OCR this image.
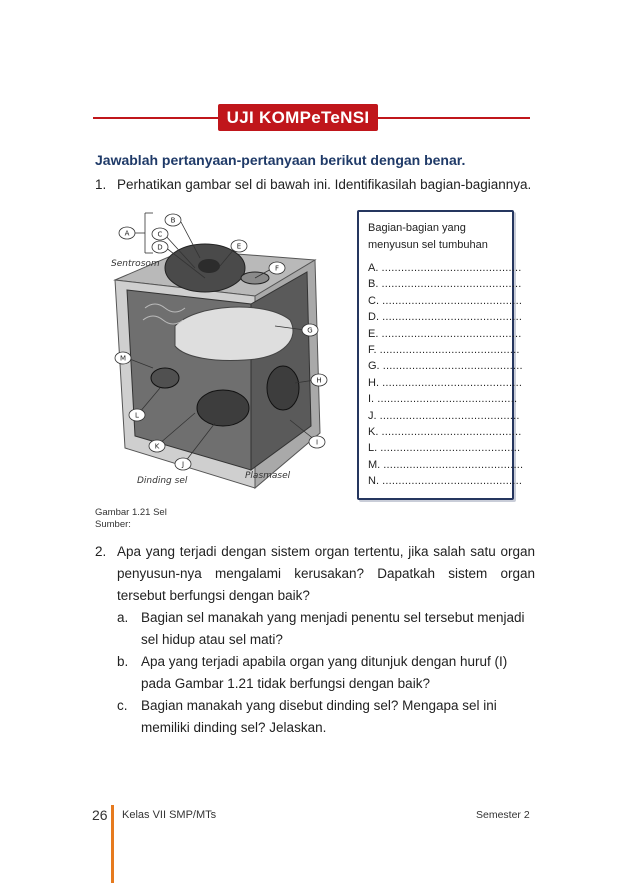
UJI KOMPeTeNSI
Jawablah pertanyaan-pertanyaan berikut dengan benar.
1. Perhatikan gambar sel di bawah ini. Identifikasilah bagian-bagiannya.
A
B
C
D	E
F
G
H
I
J
K
L
M
Sentrosom
Dinding sel	Plasmasel
Bagian-bagian yang
menyusun sel tumbuhan
A. ...........................................
B. ...........................................
C. ...........................................
D. ...........................................
E. ...........................................
F. ...........................................
G. ...........................................
H. ...........................................
I. ...........................................
J. ...........................................
K. ...........................................
L. ...........................................
M. ...........................................
N. ...........................................
Gambar 1.21 Sel
Sumber:
2. Apa yang terjadi dengan sistem organ tertentu, jika salah satu organ penyusun-nya mengalami kerusakan? Dapatkah sistem organ tersebut berfungsi dengan baik?
a. Bagian sel manakah yang menjadi penentu sel tersebut menjadi sel hidup atau sel mati?
b. Apa yang terjadi apabila organ yang ditunjuk dengan huruf (I) pada Gambar 1.21 tidak berfungsi dengan baik?
c. Bagian manakah yang disebut dinding sel? Mengapa sel ini memiliki dinding sel? Jelaskan.
26 Kelas VII SMP/MTs	Semester 2
